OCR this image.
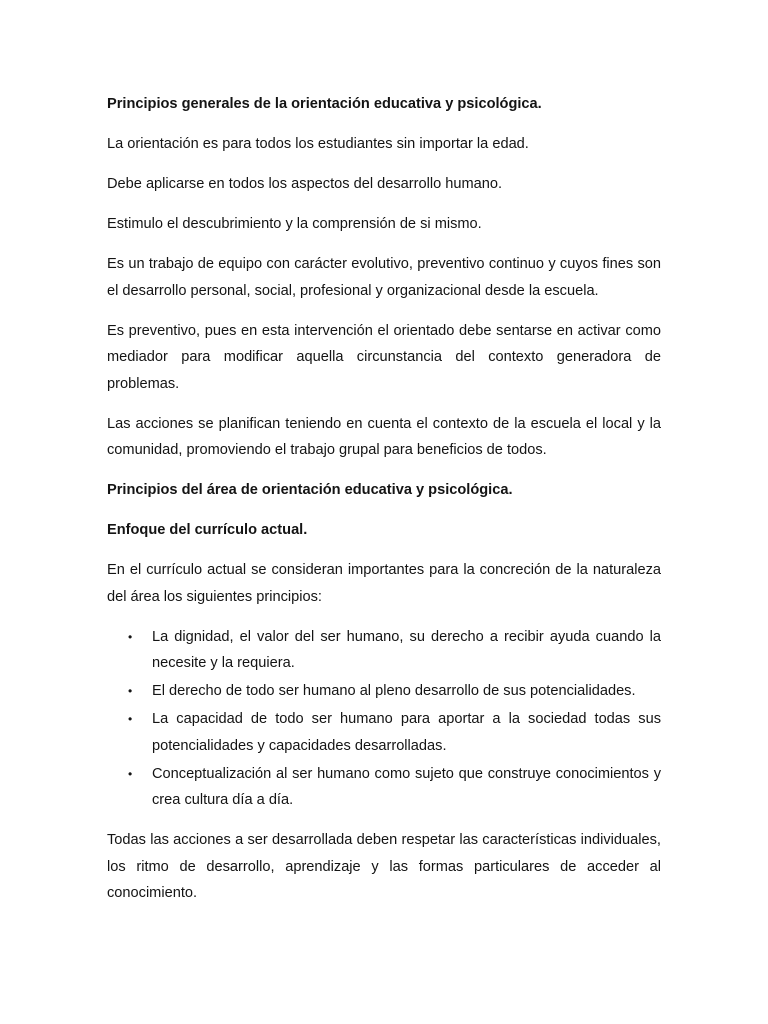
Principios generales de la orientación educativa y psicológica.

La orientación es para todos los estudiantes sin importar la edad.

Debe aplicarse en todos los aspectos del desarrollo humano.

Estimulo el descubrimiento y la comprensión de si mismo.

Es un trabajo de equipo con carácter evolutivo, preventivo continuo y cuyos fines son el desarrollo personal, social, profesional y organizacional desde la escuela.

Es preventivo, pues en esta intervención el orientado debe sentarse en activar como mediador para modificar aquella circunstancia del contexto generadora de problemas.

Las acciones se planifican teniendo en cuenta el contexto de la escuela el local y la comunidad, promoviendo el trabajo grupal para beneficios de todos.

Principios del área de orientación educativa y psicológica.
Enfoque del currículo actual.

En el currículo actual se consideran importantes para la concreción de la naturaleza del área los siguientes principios:

• La dignidad, el valor del ser humano, su derecho a recibir ayuda cuando la necesite y la requiera.
• El derecho de todo ser humano al pleno desarrollo de sus potencialidades.
• La capacidad de todo ser humano para aportar a la sociedad todas sus potencialidades y capacidades desarrolladas.
• Conceptualización al ser humano como sujeto que construye conocimientos y crea cultura día a día.

Todas las acciones a ser desarrollada deben respetar las características individuales, los ritmo de desarrollo, aprendizaje y las formas particulares de acceder al conocimiento.
